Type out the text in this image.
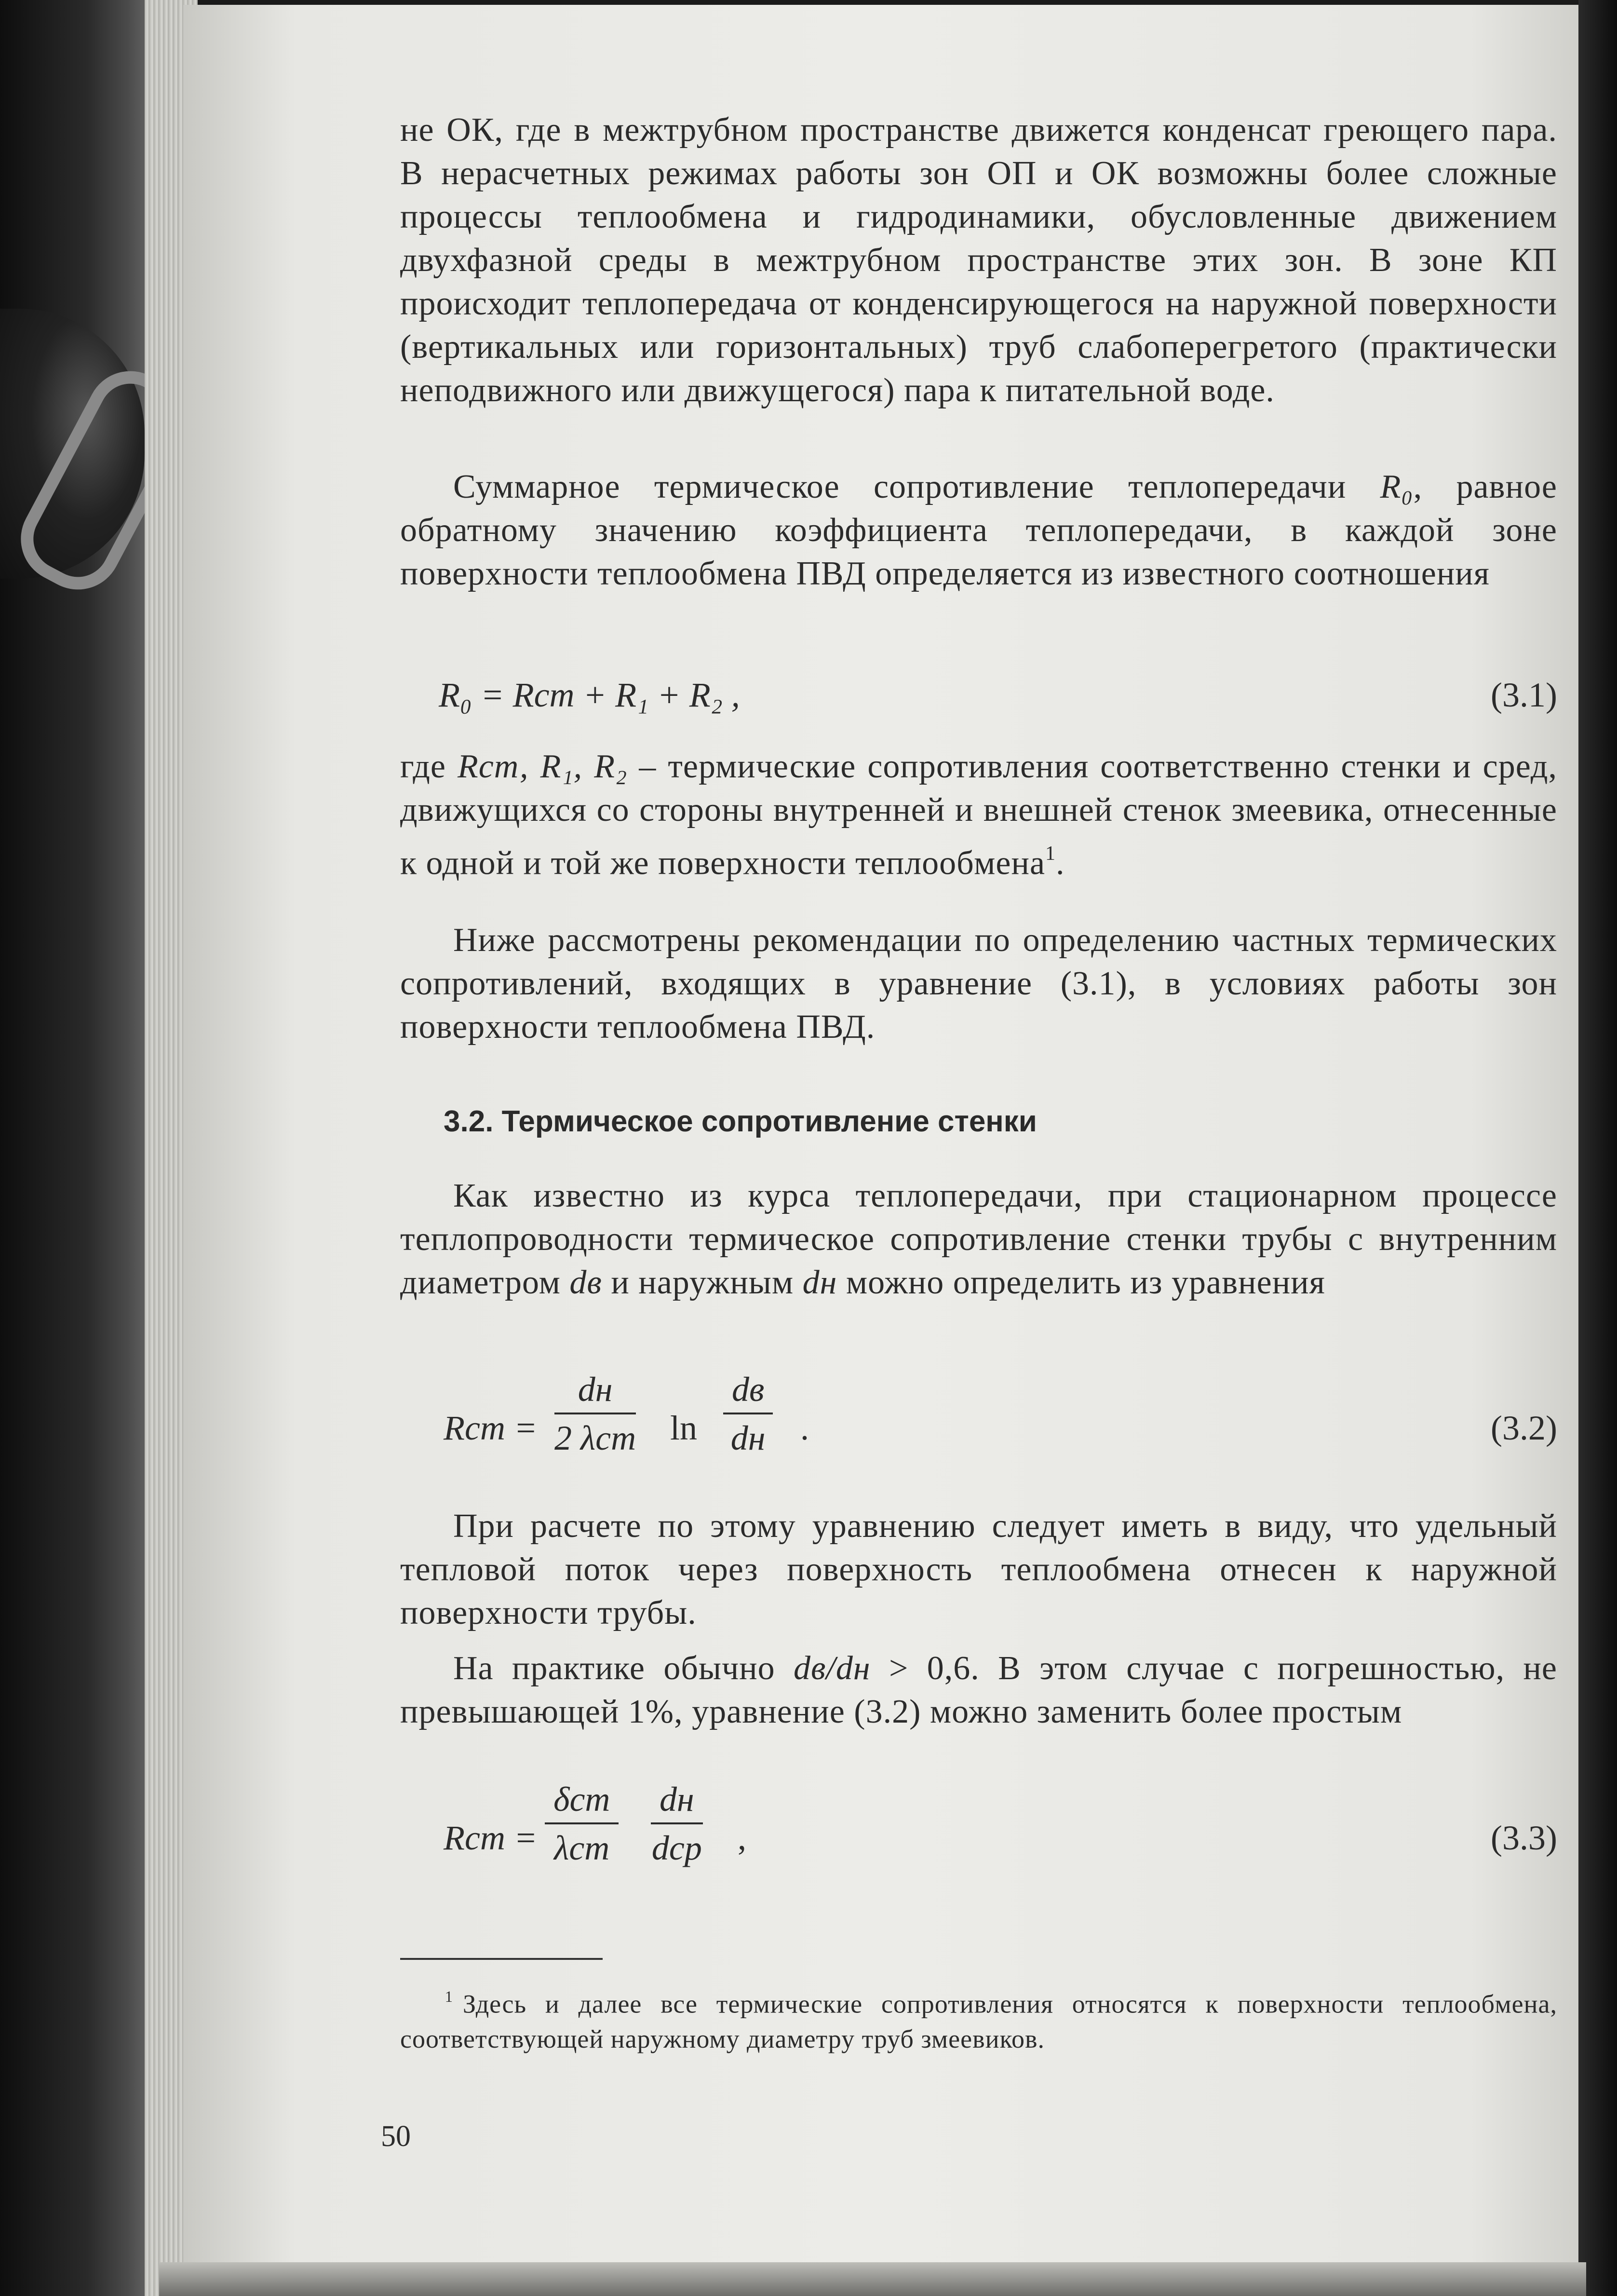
не ОК, где в межтрубном пространстве движется конденсат греющего пара. В нерасчетных режимах работы зон ОП и ОК возможны более сложные процессы теплообмена и гидродинамики, обусловленные движением двухфазной среды в межтрубном пространстве этих зон. В зоне КП происходит теплопередача от конденсирующегося на наружной поверхности (вертикальных или горизонтальных) труб слабоперегретого (практически неподвижного или движущегося) пара к питательной воде.

Суммарное термическое сопротивление теплопередачи R₀, равное обратному значению коэффициента теплопередачи, в каждой зоне поверхности теплообмена ПВД определяется из известного соотношения

R₀ = Rст + R₁ + R₂ ,	(3.1)

где Rст, R₁, R₂ – термические сопротивления соответственно стенки и сред, движущихся со стороны внутренней и внешней стенок змеевика, отнесенные к одной и той же поверхности теплообмена$^1$.

Ниже рассмотрены рекомендации по определению частных термических сопротивлений, входящих в уравнение (3.1), в условиях работы зон поверхности теплообмена ПВД.

3.2. Термическое сопротивление стенки

Как известно из курса теплопередачи, при стационарном процессе теплопроводности термическое сопротивление стенки трубы с внутренним диаметром dв и наружным dн можно определить из уравнения

Rст =
dн
2 λст ln
dв
dн .	(3.2)

При расчете по этому уравнению следует иметь в виду, что удельный тепловой поток через поверхность теплообмена отнесен к наружной поверхности трубы.

На практике обычно dв/dн > 0,6. В этом случае с погрешностью, не превышающей 1%, уравнение (3.2) можно заменить более простым

Rст =
δст
λст
dн
dср ,	(3.3)
$^1$ Здесь и далее все термические сопротивления относятся к поверхности теплообмена, соответствующей наружному диаметру труб змеевиков.
50
